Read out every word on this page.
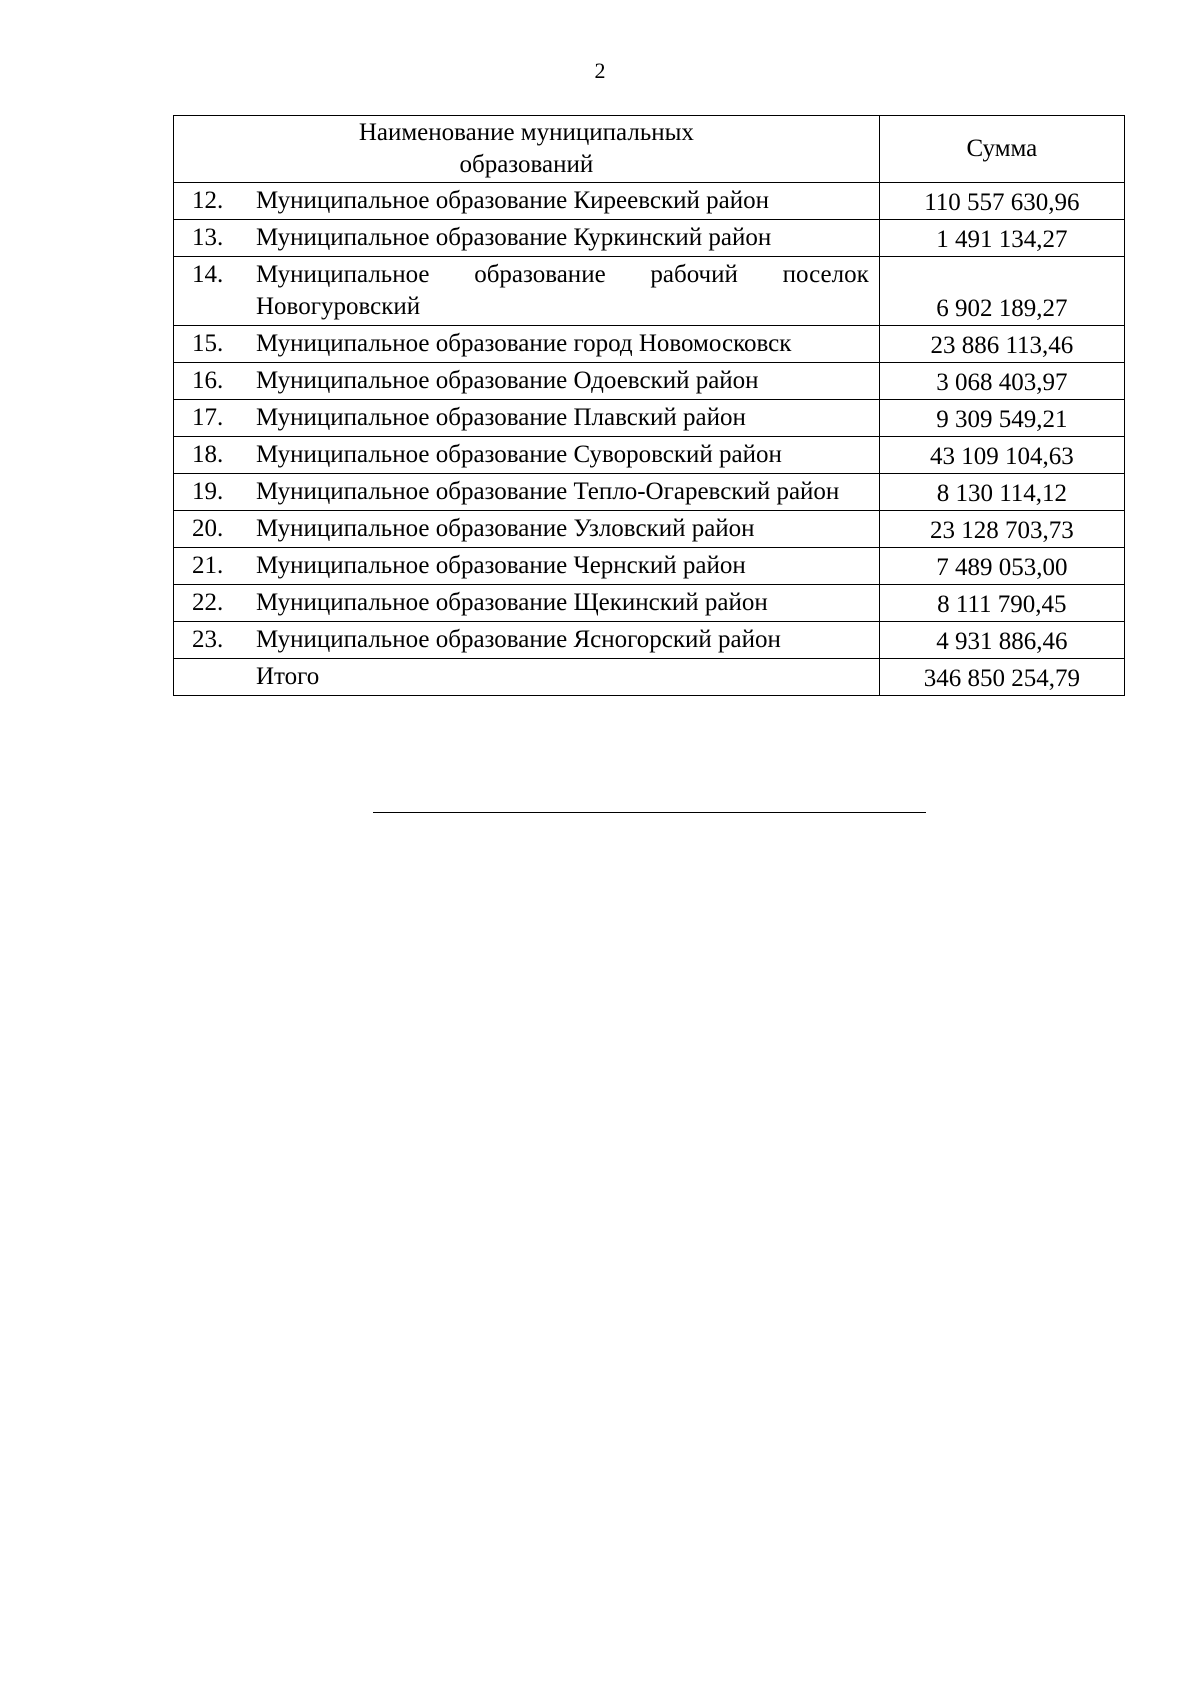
2
Наименование муниципальных образований	Сумма

12. Муниципальное образование Киреевский район	110 557 630,96

13. Муниципальное образование Куркинский район	1 491 134,27

14. Муниципальное образование рабочий поселок Новогуровский	6 902 189,27

15. Муниципальное образование город Новомосковск	23 886 113,46

16. Муниципальное образование Одоевский район	3 068 403,97

17. Муниципальное образование Плавский район	9 309 549,21

18. Муниципальное образование Суворовский район	43 109 104,63

19. Муниципальное образование Тепло-Огаревский район	8 130 114,12

20. Муниципальное образование Узловский район	23 128 703,73

21. Муниципальное образование Чернский район	7 489 053,00

22. Муниципальное образование Щекинский район	8 111 790,45

23. Муниципальное образование Ясногорский район	4 931 886,46

Итого	346 850 254,79
